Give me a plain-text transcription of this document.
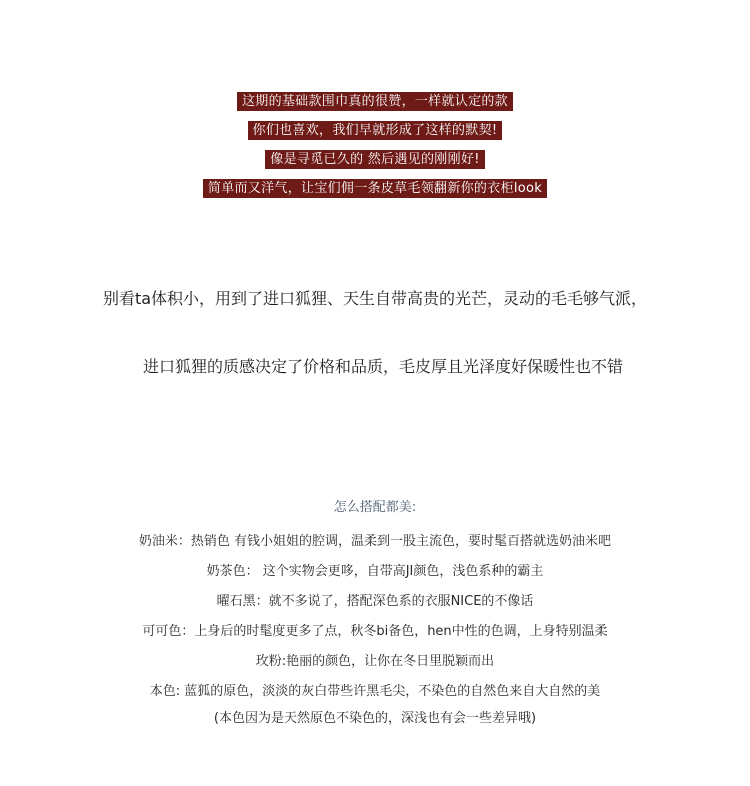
这期的基础款围巾真的很赞，一样就认定的款
你们也喜欢，我们早就形成了这样的默契!
像是寻觅已久的 然后遇见的刚刚好!
简单而又洋气，让宝们佣一条皮草毛领翻新你的衣柜look
别看ta体积小，用到了进口狐狸、天生自带高贵的光芒，灵动的毛毛够气派，
进口狐狸的质感决定了价格和品质，毛皮厚且光泽度好保暖性也不错
怎么搭配都美:
奶油米：热销色 有钱小姐姐的腔调，温柔到一股主流色，要时髦百搭就选奶油米吧
奶茶色： 这个实物会更哆，自带高JI颜色，浅色系种的霸主
曜石黑：就不多说了，搭配深色系的衣服NICE的不像话
可可色：上身后的时髦度更多了点，秋冬bi备色，hen中性的色调，上身特别温柔
玫粉:艳丽的颜色，让你在冬日里脱颖而出
本色: 蓝狐的原色，淡淡的灰白带些许黑毛尖，不染色的自然色来自大自然的美
(本色因为是天然原色不染色的，深浅也有会一些差异哦)
